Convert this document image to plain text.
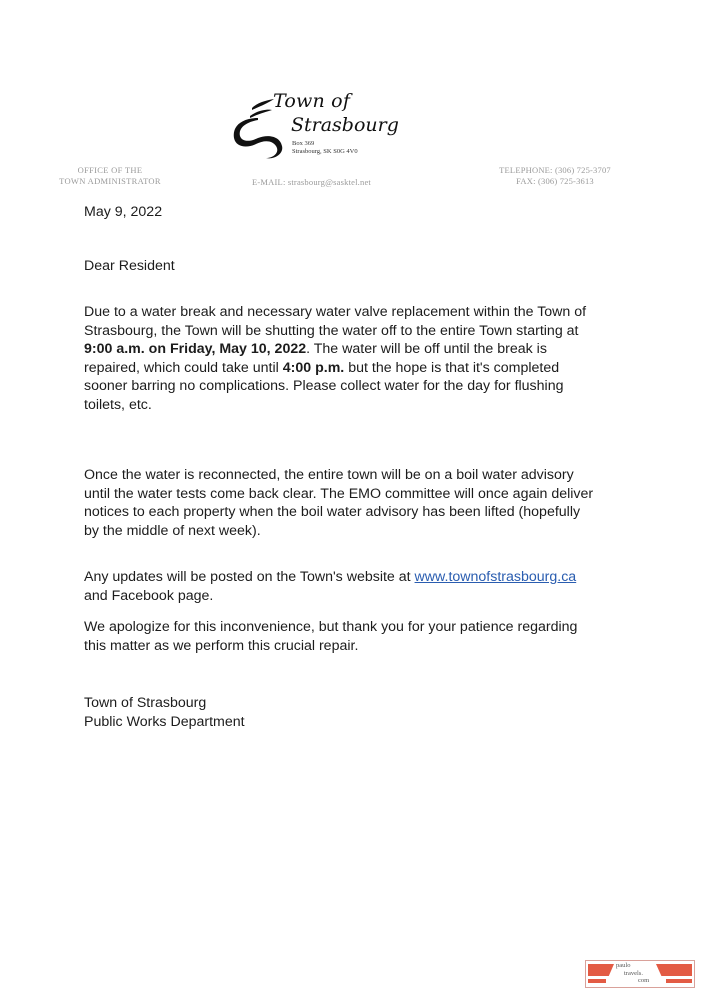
Town of
Strasbourg
Box 369
Strasbourg, SK S0G 4V0
OFFICE OF THE
TOWN ADMINISTRATOR	E-MAIL: strasbourg@sasktel.net
TELEPHONE: (306) 725-3707
FAX: (306) 725-3613

May 9, 2022

Dear Resident

Due to a water break and necessary water valve replacement within the Town of Strasbourg, the Town will be shutting the water off to the entire Town starting at 9:00 a.m. on Friday, May 10, 2022. The water will be off until the break is repaired, which could take until 4:00 p.m. but the hope is that it's completed sooner barring no complications. Please collect water for the day for flushing toilets, etc.

Once the water is reconnected, the entire town will be on a boil water advisory until the water tests come back clear. The EMO committee will once again deliver notices to each property when the boil water advisory has been lifted (hopefully by the middle of next week).

Any updates will be posted on the Town's website at www.townofstrasbourg.ca and Facebook page.

We apologize for this inconvenience, but thank you for your patience regarding this matter as we perform this crucial repair.

Town of Strasbourg
Public Works Department
paulo
travels.
com
